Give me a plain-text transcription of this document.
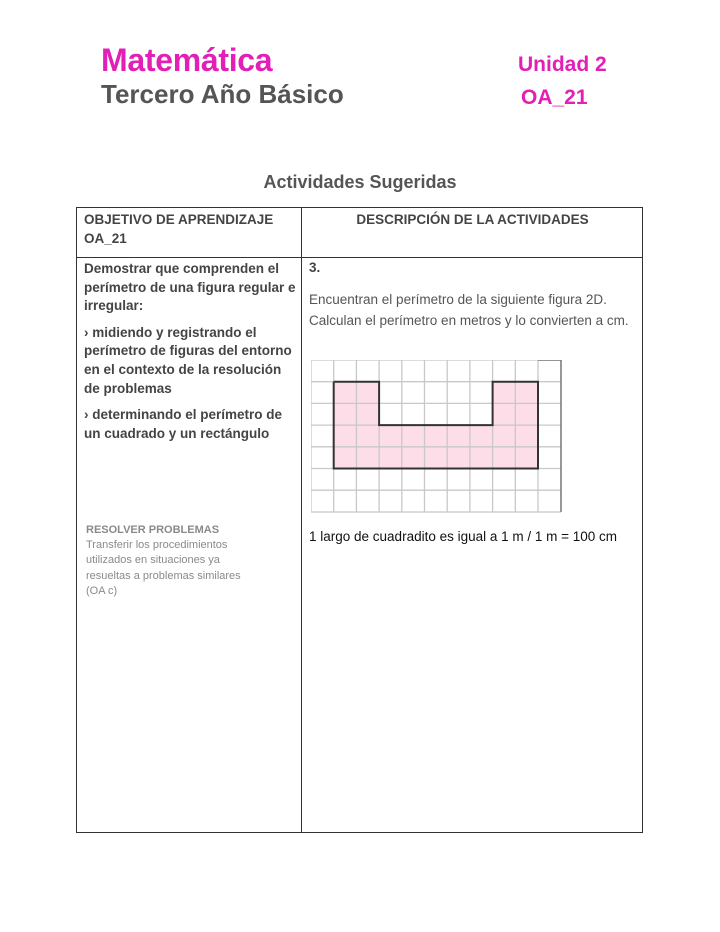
Matemática
Tercero Año Básico
Unidad 2
OA_21
Actividades Sugeridas
OBJETIVO DE APRENDIZAJE OA_21
DESCRIPCIÓN DE LA ACTIVIDADES

Demostrar que comprenden el perímetro de una figura regular e irregular:

› midiendo y registrando el perímetro de figuras del entorno en el contexto de la resolución de problemas

› determinando el perímetro de un cuadrado y un rectángulo

RESOLVER PROBLEMAS
Transferir los procedimientos
utilizados en situaciones ya
resueltas a problemas similares
(OA c)
3.
Encuentran el perímetro de la siguiente figura 2D. Calculan el perímetro en metros y lo convierten a cm.
1 largo de cuadradito es igual a 1 m / 1 m = 100 cm
